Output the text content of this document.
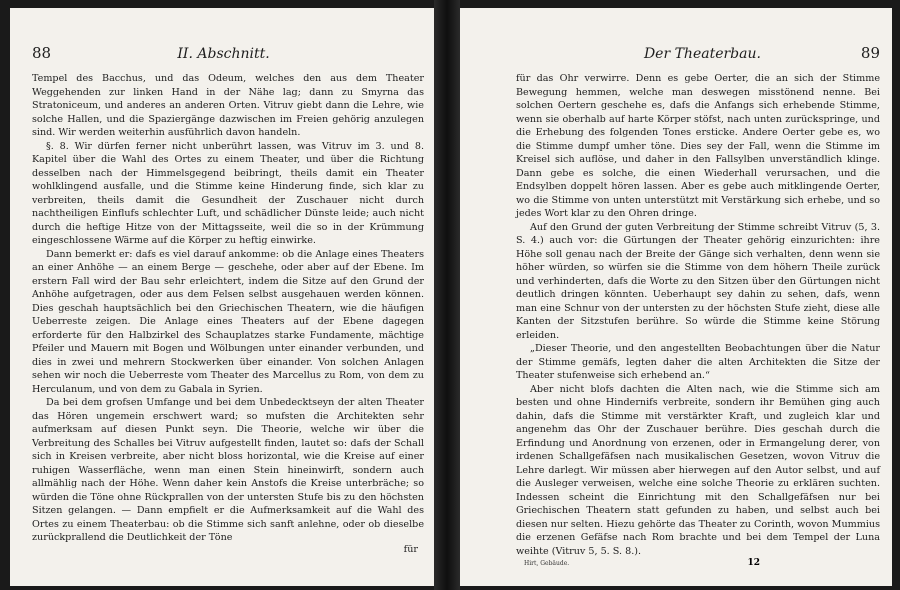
88	II. Abschnitt.

Tempel des Bacchus, und das Odeum, welches den aus dem Theater Weggehenden zur linken Hand in der Nähe lag; dann zu Smyrna das Stratoniceum, und anderes an anderen Orten. Vitruv giebt dann die Lehre, wie solche Hallen, und die Spaziergänge dazwischen im Freien gehörig anzulegen sind. Wir werden weiterhin ausführlich davon handeln.

§. 8. Wir dürfen ferner nicht unberührt lassen, was Vitruv im 3. und 8. Kapitel über die Wahl des Ortes zu einem Theater, und über die Richtung desselben nach der Himmelsgegend beibringt, theils damit ein Theater wohlklingend ausfalle, und die Stimme keine Hinderung finde, sich klar zu verbreiten, theils damit die Gesundheit der Zuschauer nicht durch nachtheiligen Einflufs schlechter Luft, und schädlicher Dünste leide; auch nicht durch die heftige Hitze von der Mittagsseite, weil die so in der Krümmung eingeschlossene Wärme auf die Körper zu heftig einwirke.

Dann bemerkt er: dafs es viel darauf ankomme: ob die Anlage eines Theaters an einer Anhöhe — an einem Berge — geschehe, oder aber auf der Ebene. Im erstern Fall wird der Bau sehr erleichtert, indem die Sitze auf den Grund der Anhöhe aufgetragen, oder aus dem Felsen selbst ausgehauen werden können. Dies geschah hauptsächlich bei den Griechischen Theatern, wie die häufigen Ueberreste zeigen. Die Anlage eines Theaters auf der Ebene dagegen erforderte für den Halbzirkel des Schauplatzes starke Fundamente, mächtige Pfeiler und Mauern mit Bogen und Wölbungen unter einander verbunden, und dies in zwei und mehrern Stockwerken über einander. Von solchen Anlagen sehen wir noch die Ueberreste vom Theater des Marcellus zu Rom, von dem zu Herculanum, und von dem zu Gabala in Syrien.

Da bei dem grofsen Umfange und bei dem Unbedecktseyn der alten Theater das Hören ungemein erschwert ward; so mufsten die Architekten sehr aufmerksam auf diesen Punkt seyn. Die Theorie, welche wir über die Verbreitung des Schalles bei Vitruv aufgestellt finden, lautet so: dafs der Schall sich in Kreisen verbreite, aber nicht bloss horizontal, wie die Kreise auf einer ruhigen Wasserfläche, wenn man einen Stein hineinwirft, sondern auch allmählig nach der Höhe. Wenn daher kein Anstofs die Kreise unterbräche; so würden die Töne ohne Rückprallen von der untersten Stufe bis zu den höchsten Sitzen gelangen. — Dann empfielt er die Aufmerksamkeit auf die Wahl des Ortes zu einem Theaterbau: ob die Stimme sich sanft anlehne, oder ob dieselbe zurückprallend die Deutlichkeit der Töne

für
Der Theaterbau.	89

für das Ohr verwirre. Denn es gebe Oerter, die an sich der Stimme Bewegung hemmen, welche man deswegen misstönend nenne. Bei solchen Oertern geschehe es, dafs die Anfangs sich erhebende Stimme, wenn sie oberhalb auf harte Körper stöfst, nach unten zurückspringe, und die Erhebung des folgenden Tones ersticke. Andere Oerter gebe es, wo die Stimme dumpf umher töne. Dies sey der Fall, wenn die Stimme im Kreisel sich auflöse, und daher in den Fallsylben unverständlich klinge. Dann gebe es solche, die einen Wiederhall verursachen, und die Endsylben doppelt hören lassen. Aber es gebe auch mitklingende Oerter, wo die Stimme von unten unterstützt mit Verstärkung sich erhebe, und so jedes Wort klar zu den Ohren dringe.

Auf den Grund der guten Verbreitung der Stimme schreibt Vitruv (5, 3. S. 4.) auch vor: die Gürtungen der Theater gehörig einzurichten: ihre Höhe soll genau nach der Breite der Gänge sich verhalten, denn wenn sie höher würden, so würfen sie die Stimme von dem höhern Theile zurück und verhinderten, dafs die Worte zu den Sitzen über den Gürtungen nicht deutlich dringen könnten. Ueberhaupt sey dahin zu sehen, dafs, wenn man eine Schnur von der untersten zu der höchsten Stufe zieht, diese alle Kanten der Sitzstufen berühre. So würde die Stimme keine Störung erleiden.

„Dieser Theorie, und den angestellten Beobachtungen über die Natur der Stimme gemäfs, legten daher die alten Architekten die Sitze der Theater stufenweise sich erhebend an.“

Aber nicht blofs dachten die Alten nach, wie die Stimme sich am besten und ohne Hindernifs verbreite, sondern ihr Bemühen ging auch dahin, dafs die Stimme mit verstärkter Kraft, und zugleich klar und angenehm das Ohr der Zuschauer berühre. Dies geschah durch die Erfindung und Anordnung von erzenen, oder in Ermangelung derer, von irdenen Schallgefäfsen nach musikalischen Gesetzen, wovon Vitruv die Lehre darlegt. Wir müssen aber hierwegen auf den Autor selbst, und auf die Ausleger verweisen, welche eine solche Theorie zu erklären suchten. Indessen scheint die Einrichtung mit den Schallgefäfsen nur bei Griechischen Theatern statt gefunden zu haben, und selbst auch bei diesen nur selten. Hiezu gehörte das Theater zu Corinth, wovon Mummius die erzenen Gefäfse nach Rom brachte und bei dem Tempel der Luna weihte (Vitruv 5, 5. S. 8.).

Hirt, Gebäude.	12
